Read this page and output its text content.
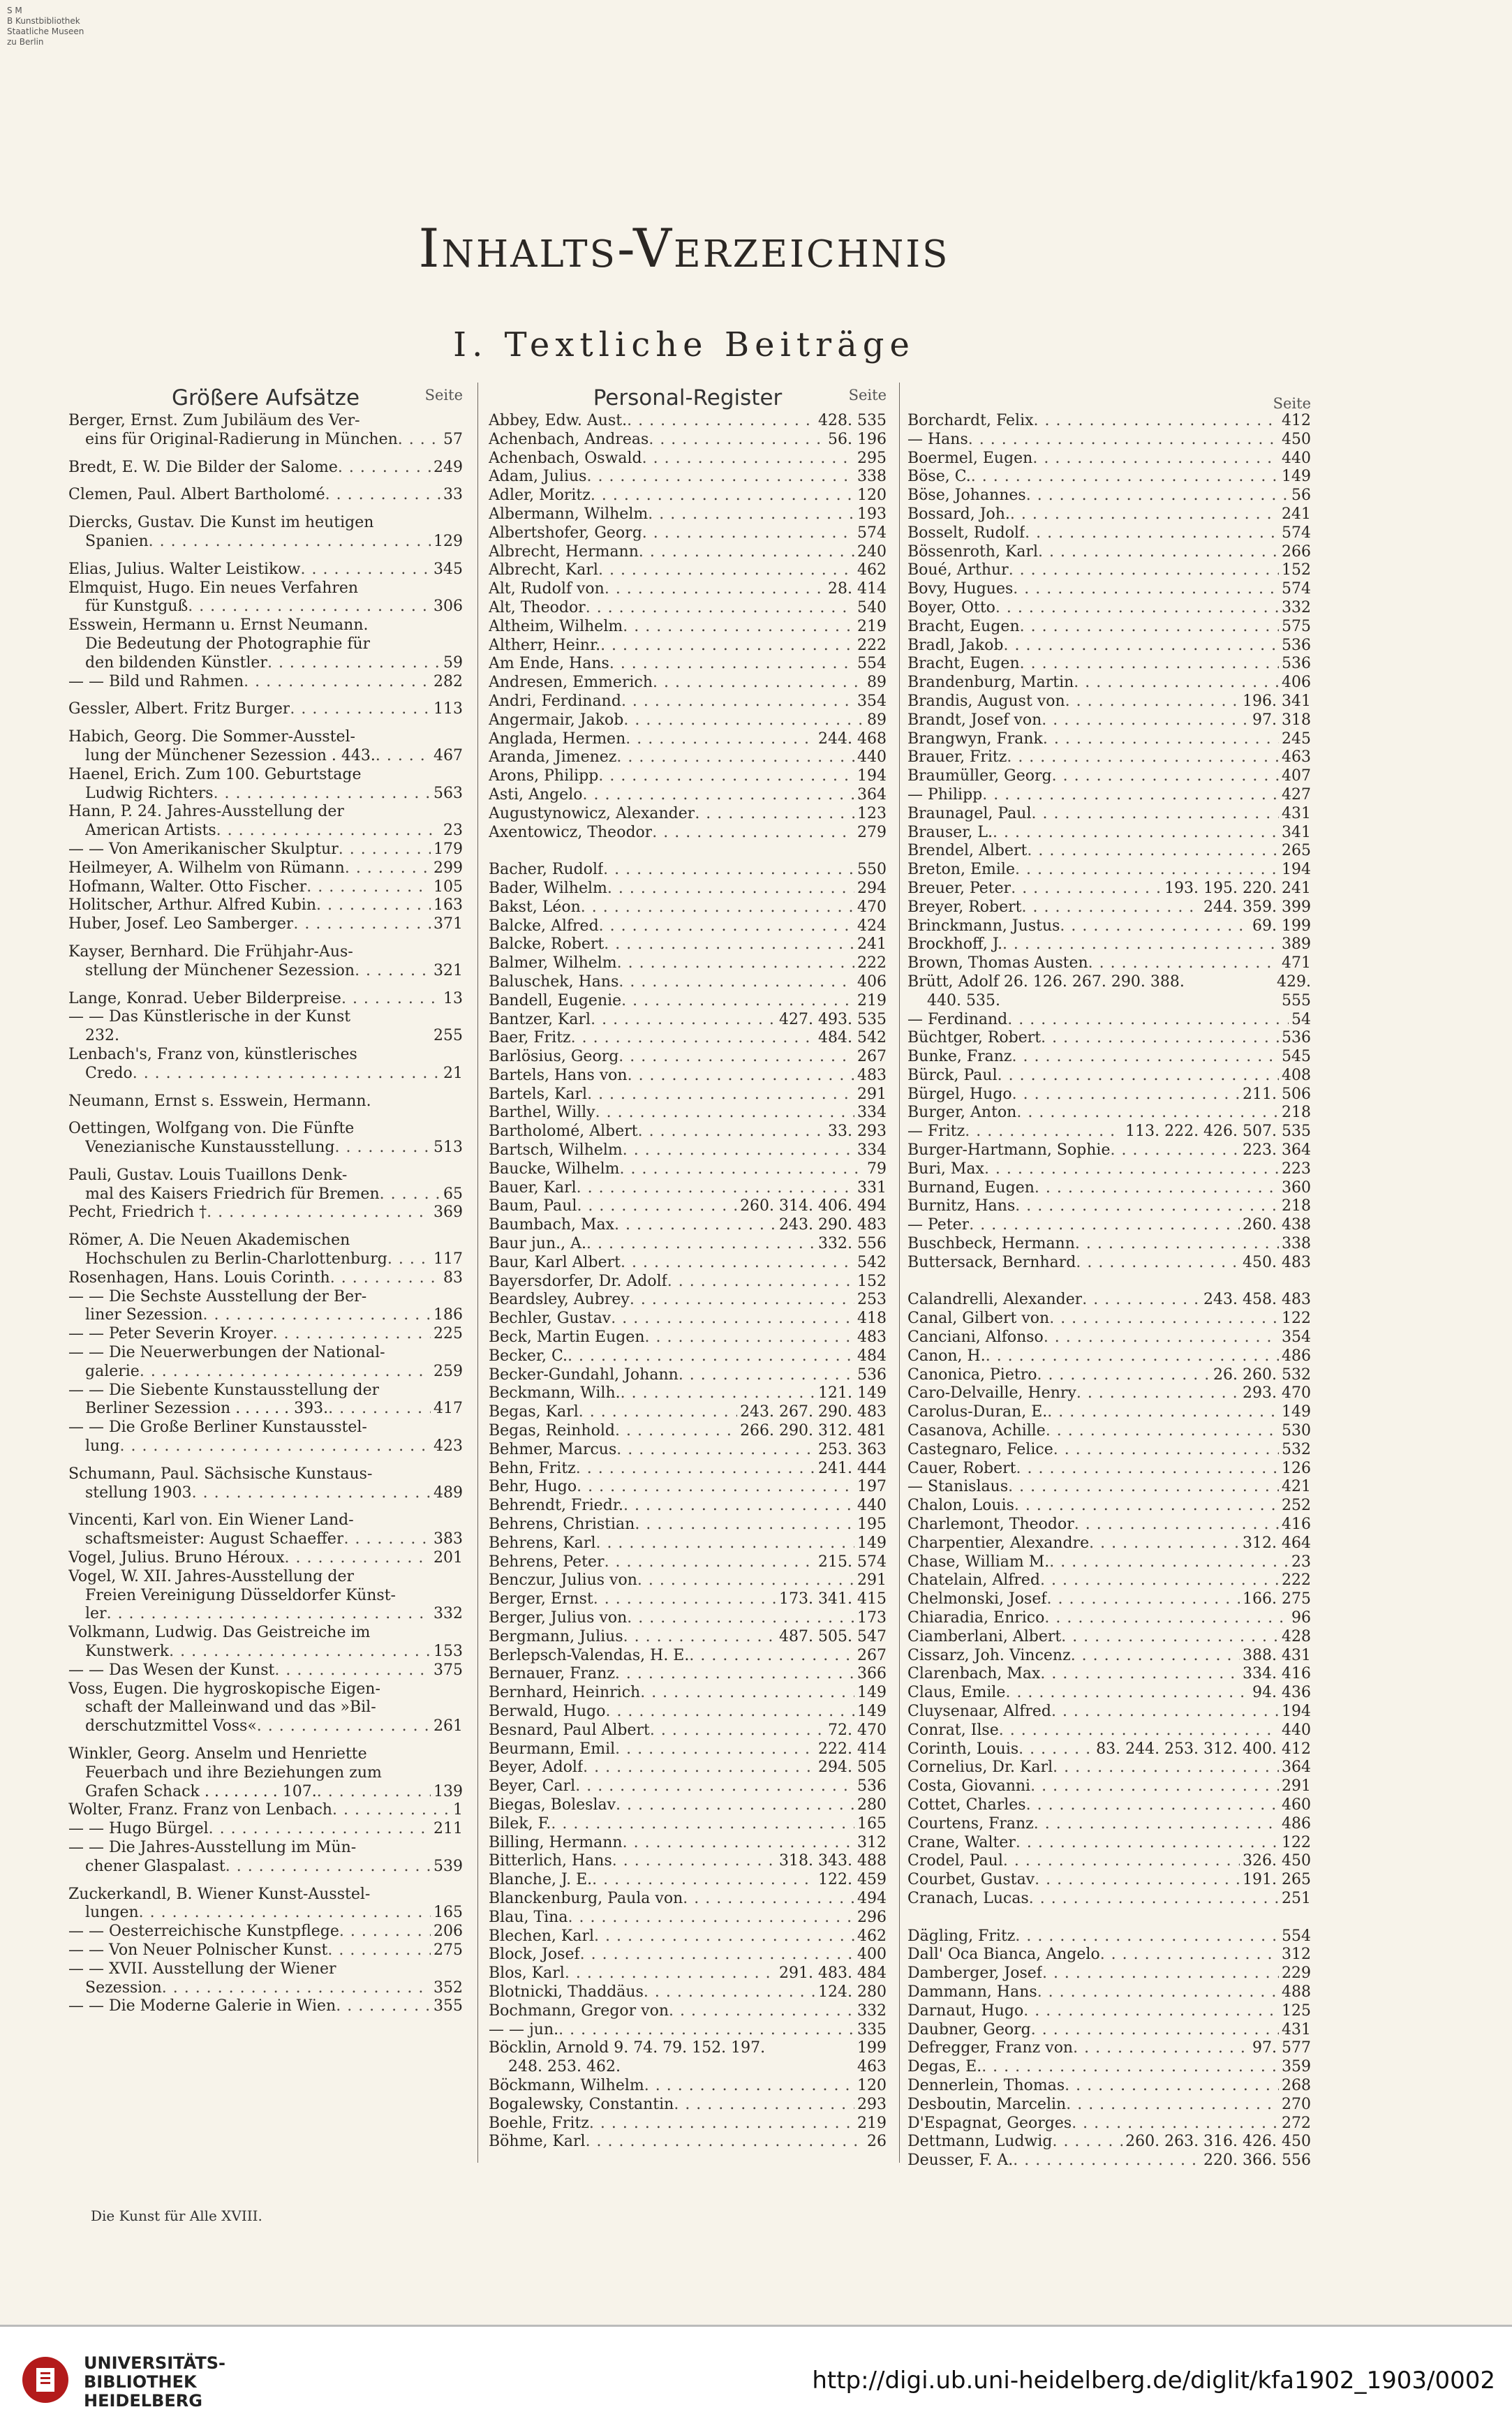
S M
B Kunstbibliothek
Staatliche Museen
zu Berlin
Inhalts-Verzeichnis
I. Textliche Beiträge
Größere Aufsätze	Seite
Berger, Ernst. Zum Jubiläum des Ver-
eins für Original-Radierung in München . . .	57
Bredt, E. W. Die Bilder der Salome . . .	249
Clemen, Paul. Albert Bartholomé . . .	33
Diercks, Gustav. Die Kunst im heutigen
Spanien . . .	129
Elias, Julius. Walter Leistikow . . .	345
Elmquist, Hugo. Ein neues Verfahren
für Kunstguß . . .	306
Esswein, Hermann u. Ernst Neumann.
Die Bedeutung der Photographie für
den bildenden Künstler . . .	59
— — Bild und Rahmen . . .	282
Gessler, Albert. Fritz Burger . . .	113
Habich, Georg. Die Sommer-Ausstel-
lung der Münchener Sezession . 443. . . .	467
Haenel, Erich. Zum 100. Geburtstage
Ludwig Richters . . .	563
Hann, P. 24. Jahres-Ausstellung der
American Artists . . .	23
— — Von Amerikanischer Skulptur . . .	179
Heilmeyer, A. Wilhelm von Rümann . . .	299
Hofmann, Walter. Otto Fischer . . .	105
Holitscher, Arthur. Alfred Kubin . . .	163
Huber, Josef. Leo Samberger . . .	371
Kayser, Bernhard. Die Frühjahr-Aus-
stellung der Münchener Sezession . . .	321
Lange, Konrad. Ueber Bilderpreise . . .	13
— — Das Künstlerische in der Kunst
232.	255
Lenbach's, Franz von, künstlerisches
Credo . . .	21
Neumann, Ernst s. Esswein, Hermann.
Oettingen, Wolfgang von. Die Fünfte
Venezianische Kunstausstellung . . .	513
Pauli, Gustav. Louis Tuaillons Denk-
mal des Kaisers Friedrich für Bremen . . .	65
Pecht, Friedrich † . . .	369
Römer, A. Die Neuen Akademischen
Hochschulen zu Berlin-Charlottenburg . . .	117
Rosenhagen, Hans. Louis Corinth . . .	83
— — Die Sechste Ausstellung der Ber-
liner Sezession . . .	186
— — Peter Severin Kroyer . . .	225
— — Die Neuerwerbungen der National-
galerie . . .	259
— — Die Siebente Kunstausstellung der
Berliner Sezession . . . . . . 393. . . .	417
— — Die Große Berliner Kunstausstel-
lung . . .	423
Schumann, Paul. Sächsische Kunstaus-
stellung 1903 . . .	489
Vincenti, Karl von. Ein Wiener Land-
schaftsmeister: August Schaeffer . . .	383
Vogel, Julius. Bruno Héroux . . .	201
Vogel, W. XII. Jahres-Ausstellung der
Freien Vereinigung Düsseldorfer Künst-
ler . . .	332
Volkmann, Ludwig. Das Geistreiche im
Kunstwerk . . .	153
— — Das Wesen der Kunst . . .	375
Voss, Eugen. Die hygroskopische Eigen-
schaft der Malleinwand und das »Bil-
derschutzmittel Voss« . . .	261
Winkler, Georg. Anselm und Henriette
Feuerbach und ihre Beziehungen zum
Grafen Schack . . . . . . . . 107. . . .	139
Wolter, Franz. Franz von Lenbach . . .	1
— — Hugo Bürgel . . .	211
— — Die Jahres-Ausstellung im Mün-
chener Glaspalast . . .	539
Zuckerkandl, B. Wiener Kunst-Ausstel-
lungen . . .	165
— — Oesterreichische Kunstpflege . . .	206
— — Von Neuer Polnischer Kunst . . .	275
— — XVII. Ausstellung der Wiener
Sezession . . .	352
— — Die Moderne Galerie in Wien . . .	355
Personal-Register	Seite
Abbey, Edw. Aust. . . .	428. 535
Achenbach, Andreas . . .	56. 196
Achenbach, Oswald . . .	295
Adam, Julius . . .	338
Adler, Moritz . . .	120
Albermann, Wilhelm . . .	193
Albertshofer, Georg . . .	574
Albrecht, Hermann . . .	240
Albrecht, Karl . . .	462
Alt, Rudolf von . . .	28. 414
Alt, Theodor . . .	540
Altheim, Wilhelm . . .	219
Altherr, Heinr. . . .	222
Am Ende, Hans . . .	554
Andresen, Emmerich . . .	89
Andri, Ferdinand . . .	354
Angermair, Jakob . . .	89
Anglada, Hermen . . .	244. 468
Aranda, Jimenez . . .	440
Arons, Philipp . . .	194
Asti, Angelo . . .	364
Augustynowicz, Alexander . . .	123
Axentowicz, Theodor . . .	279
Bacher, Rudolf . . .	550
Bader, Wilhelm . . .	294
Bakst, Léon . . .	470
Balcke, Alfred . . .	424
Balcke, Robert . . .	241
Balmer, Wilhelm . . .	222
Baluschek, Hans . . .	406
Bandell, Eugenie . . .	219
Bantzer, Karl . . .	427. 493. 535
Baer, Fritz . . .	484. 542
Barlösius, Georg . . .	267
Bartels, Hans von . . .	483
Bartels, Karl . . .	291
Barthel, Willy . . .	334
Bartholomé, Albert . . .	33. 293
Bartsch, Wilhelm . . .	334
Baucke, Wilhelm . . .	79
Bauer, Karl . . .	331
Baum, Paul . . .	260. 314. 406. 494
Baumbach, Max . . .	243. 290. 483
Baur jun., A. . . .	332. 556
Baur, Karl Albert . . .	542
Bayersdorfer, Dr. Adolf . . .	152
Beardsley, Aubrey . . .	253
Bechler, Gustav . . .	418
Beck, Martin Eugen . . .	483
Becker, C. . . .	484
Becker-Gundahl, Johann . . .	536
Beckmann, Wilh. . . .	121. 149
Begas, Karl . . .	243. 267. 290. 483
Begas, Reinhold . . .	266. 290. 312. 481
Behmer, Marcus . . .	253. 363
Behn, Fritz . . .	241. 444
Behr, Hugo . . .	197
Behrendt, Friedr. . . .	440
Behrens, Christian . . .	195
Behrens, Karl . . .	149
Behrens, Peter . . .	215. 574
Benczur, Julius von . . .	291
Berger, Ernst . . .	173. 341. 415
Berger, Julius von . . .	173
Bergmann, Julius . . .	487. 505. 547
Berlepsch-Valendas, H. E. . . .	267
Bernauer, Franz . . .	366
Bernhard, Heinrich . . .	149
Berwald, Hugo . . .	149
Besnard, Paul Albert . . .	72. 470
Beurmann, Emil . . .	222. 414
Beyer, Adolf . . .	294. 505
Beyer, Carl . . .	536
Biegas, Boleslav . . .	280
Bilek, F. . . .	165
Billing, Hermann . . .	312
Bitterlich, Hans . . .	318. 343. 488
Blanche, J. E. . . .	122. 459
Blanckenburg, Paula von . . .	494
Blau, Tina . . .	296
Blechen, Karl . . .	462
Block, Josef . . .	400
Blos, Karl . . .	291. 483. 484
Blotnicki, Thaddäus . . .	124. 280
Bochmann, Gregor von . . .	332
— — jun. . . .	335
Böcklin, Arnold 9. 74. 79. 152. 197.	199
248. 253. 462.	463
Böckmann, Wilhelm . . .	120
Bogalewsky, Constantin . . .	293
Boehle, Fritz . . .	219
Böhme, Karl . . .	26
Seite
Borchardt, Felix . . .	412
— Hans . . .	450
Boermel, Eugen . . .	440
Böse, C. . . .	149
Böse, Johannes . . .	56
Bossard, Joh. . . .	241
Bosselt, Rudolf . . .	574
Bössenroth, Karl . . .	266
Boué, Arthur . . .	152
Bovy, Hugues . . .	574
Boyer, Otto . . .	332
Bracht, Eugen . . .	575
Bradl, Jakob . . .	536
Bracht, Eugen . . .	536
Brandenburg, Martin . . .	406
Brandis, August von . . .	196. 341
Brandt, Josef von . . .	97. 318
Brangwyn, Frank . . .	245
Brauer, Fritz . . .	463
Braumüller, Georg . . .	407
— Philipp . . .	427
Braunagel, Paul . . .	431
Brauser, L. . . .	341
Brendel, Albert . . .	265
Breton, Emile . . .	194
Breuer, Peter . . .	193. 195. 220. 241
Breyer, Robert . . .	244. 359. 399
Brinckmann, Justus . . .	69. 199
Brockhoff, J. . . .	389
Brown, Thomas Austen . . .	471
Brütt, Adolf 26. 126. 267. 290. 388.	429.
440. 535.	555
— Ferdinand . . .	54
Büchtger, Robert . . .	536
Bunke, Franz . . .	545
Bürck, Paul . . .	408
Bürgel, Hugo . . .	211. 506
Burger, Anton . . .	218
— Fritz . . .	113. 222. 426. 507. 535
Burger-Hartmann, Sophie . . .	223. 364
Buri, Max . . .	223
Burnand, Eugen . . .	360
Burnitz, Hans . . .	218
— Peter . . .	260. 438
Buschbeck, Hermann . . .	338
Buttersack, Bernhard . . .	450. 483
Calandrelli, Alexander . . .	243. 458. 483
Canal, Gilbert von . . .	122
Canciani, Alfonso . . .	354
Canon, H. . . .	486
Canonica, Pietro . . .	26. 260. 532
Caro-Delvaille, Henry . . .	293. 470
Carolus-Duran, E. . . .	149
Casanova, Achille . . .	530
Castegnaro, Felice . . .	532
Cauer, Robert . . .	126
— Stanislaus . . .	421
Chalon, Louis . . .	252
Charlemont, Theodor . . .	416
Charpentier, Alexandre . . .	312. 464
Chase, William M. . . .	23
Chatelain, Alfred . . .	222
Chelmonski, Josef . . .	166. 275
Chiaradia, Enrico . . .	96
Ciamberlani, Albert . . .	428
Cissarz, Joh. Vincenz . . .	388. 431
Clarenbach, Max . . .	334. 416
Claus, Emile . . .	94. 436
Cluysenaar, Alfred . . .	194
Conrat, Ilse . . .	440
Corinth, Louis . . .	83. 244. 253. 312. 400. 412
Cornelius, Dr. Karl . . .	364
Costa, Giovanni . . .	291
Cottet, Charles . . .	460
Courtens, Franz . . .	486
Crane, Walter . . .	122
Crodel, Paul . . .	326. 450
Courbet, Gustav . . .	191. 265
Cranach, Lucas . . .	251
Dägling, Fritz . . .	554
Dall' Oca Bianca, Angelo . . .	312
Damberger, Josef . . .	229
Dammann, Hans . . .	488
Darnaut, Hugo . . .	125
Daubner, Georg . . .	431
Defregger, Franz von . . .	97. 577
Degas, E. . . .	359
Dennerlein, Thomas . . .	268
Desboutin, Marcelin . . .	270
D'Espagnat, Georges . . .	272
Dettmann, Ludwig . . .	260. 263. 316. 426. 450
Deusser, F. A. . . .	220. 366. 556
Die Kunst für Alle XVIII.
UNIVERSITÄTS-
BIBLIOTHEK
HEIDELBERG
http://digi.ub.uni-heidelberg.de/diglit/kfa1902_1903/0002
